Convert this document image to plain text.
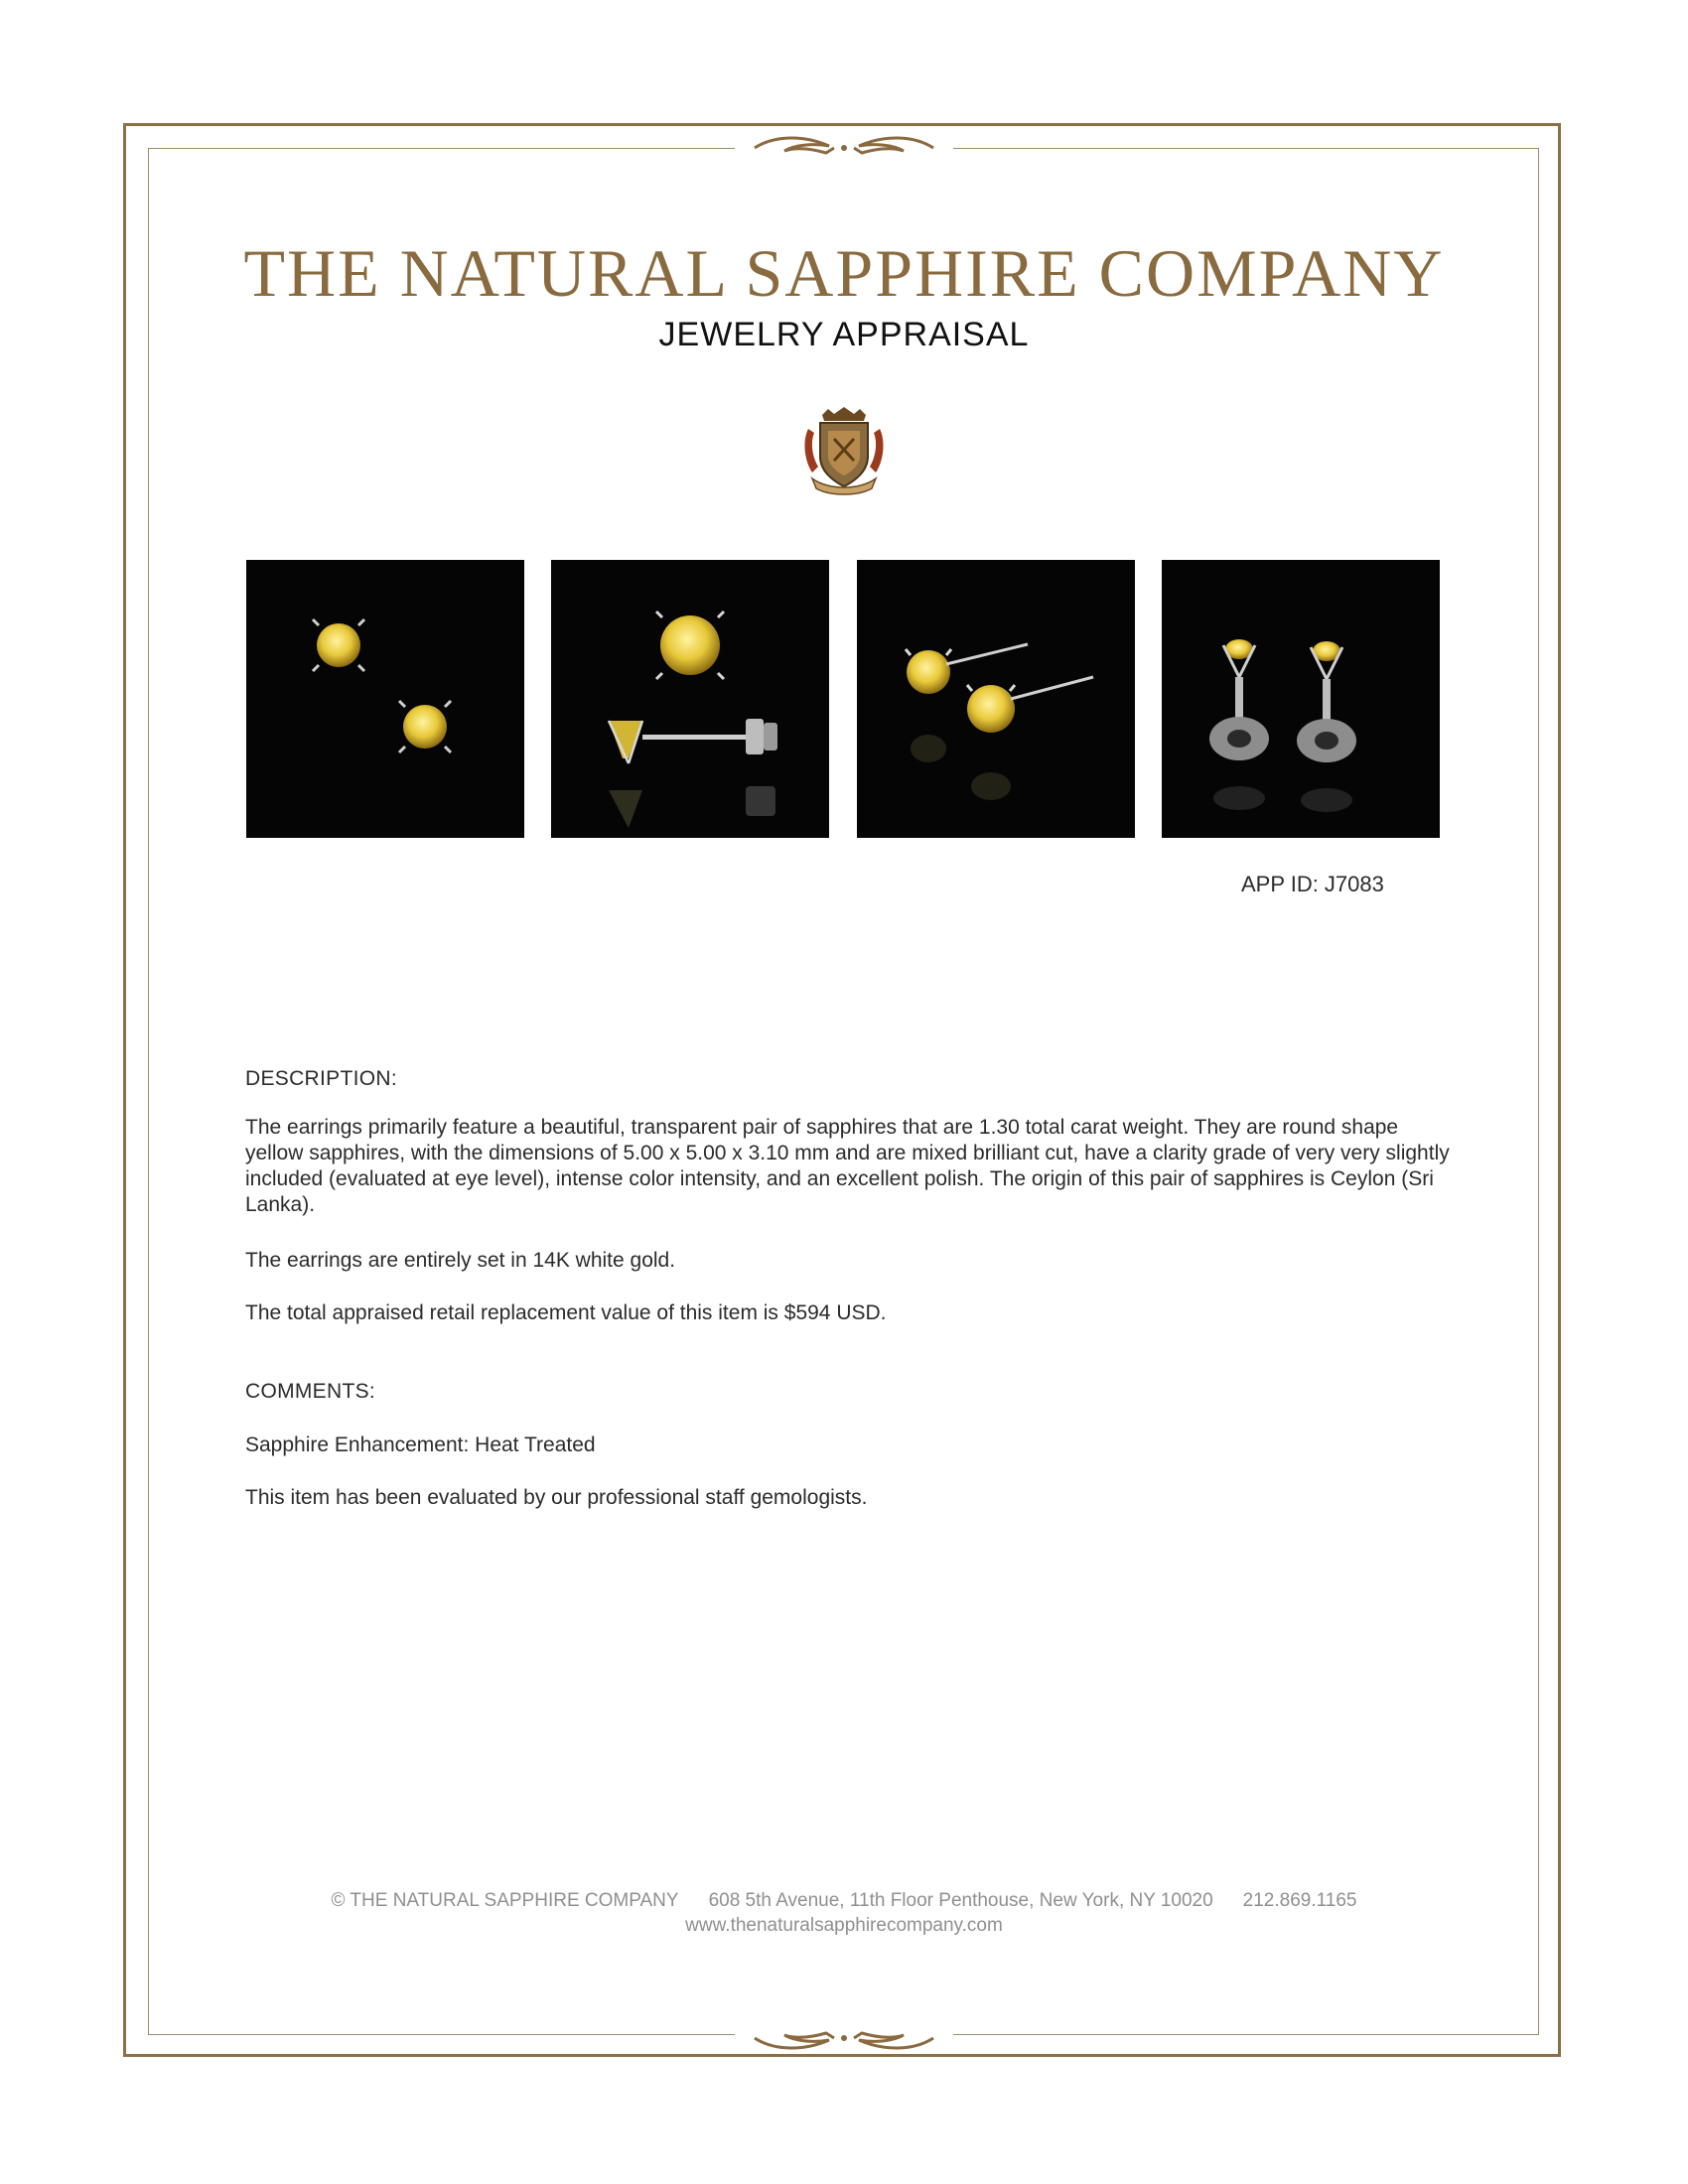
THE NATURAL SAPPHIRE COMPANY
JEWELRY APPRAISAL
APP ID: J7083
DESCRIPTION:
The earrings primarily feature a beautiful, transparent pair of sapphires that are 1.30 total carat weight. They are round shape yellow sapphires, with the dimensions of 5.00 x 5.00 x 3.10 mm and are mixed brilliant cut, have a clarity grade of very very slightly included (evaluated at eye level), intense color intensity, and an excellent polish. The origin of this pair of sapphires is Ceylon (Sri Lanka).
The earrings are entirely set in 14K white gold.
The total appraised retail replacement value of this item is $594 USD.
COMMENTS:
Sapphire Enhancement: Heat Treated
This item has been evaluated by our professional staff gemologists.
© THE NATURAL SAPPHIRE COMPANY 608 5th Avenue, 11th Floor Penthouse, New York, NY 10020 212.869.1165
www.thenaturalsapphirecompany.com
